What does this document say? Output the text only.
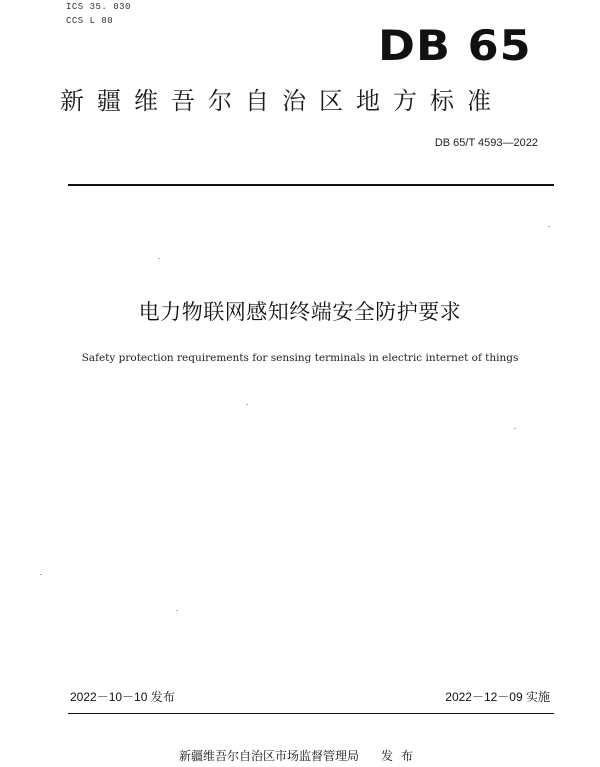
ICS 35. 030
CCS L 80	DB 65
新疆维吾尔自治区地方标准
DB 65/T 4593—2022
电力物联网感知终端安全防护要求
Safety protection requirements for sensing terminals in electric internet of things
2022－10－10 发布	2022－12－09 实施
新疆维吾尔自治区市场监督管理局 发布
